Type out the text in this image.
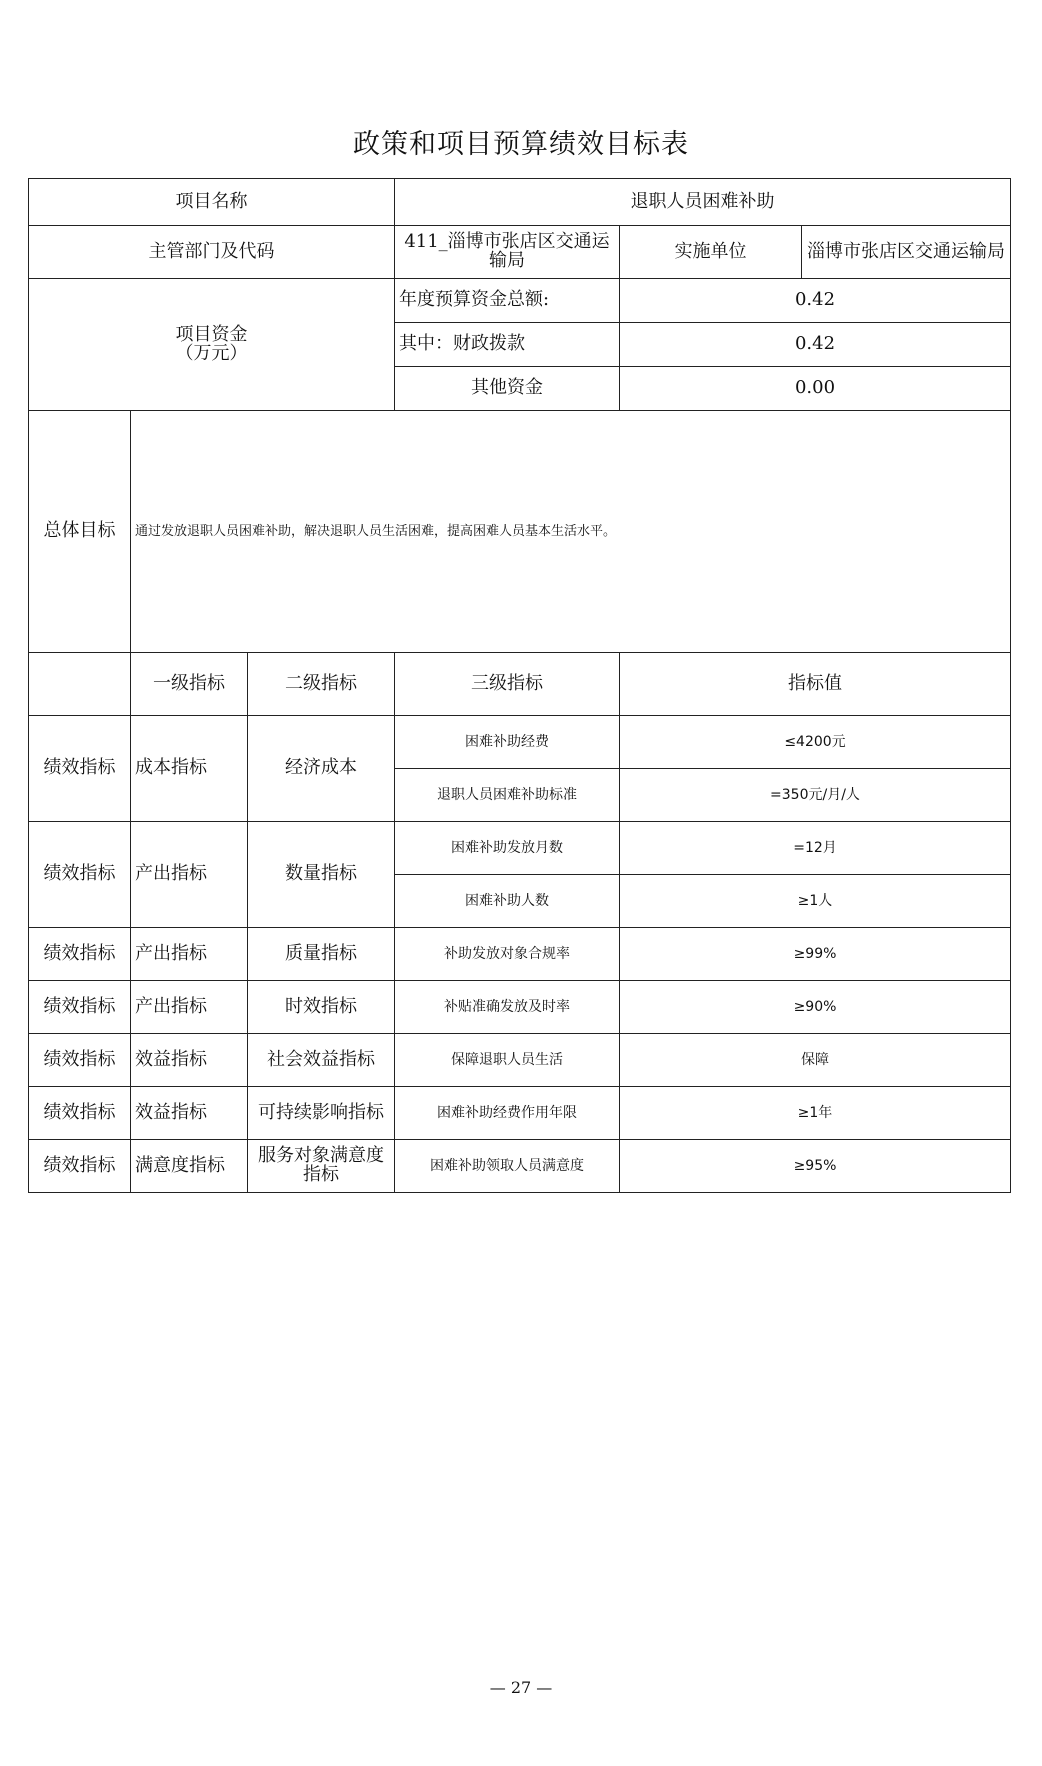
政策和项目预算绩效目标表
项目名称			退职人员困难补助		
主管部门及代码			411_淄博市张店区交通运输局	实施单位	淄博市张店区交通运输局
项目资金
（万元）			年度预算资金总额:	0.42	
			其中：财政拨款	0.42	
			其他资金	0.00	
总体目标	通过发放退职人员困难补助，解决退职人员生活困难，提高困难人员基本生活水平。				
	一级指标	二级指标	三级指标	指标值	
绩效指标	成本指标	经济成本	困难补助经费	≤4200元	
			退职人员困难补助标准	=350元/月/人	
绩效指标	产出指标	数量指标	困难补助发放月数	=12月	
			困难补助人数	≥1人	
绩效指标	产出指标	质量指标	补助发放对象合规率	≥99%	
绩效指标	产出指标	时效指标	补贴准确发放及时率	≥90%	
绩效指标	效益指标	社会效益指标	保障退职人员生活	保障	
绩效指标	效益指标	可持续影响指标	困难补助经费作用年限	≥1年	
绩效指标	满意度指标	服务对象满意度指标	困难补助领取人员满意度	≥95%	
— 27 —
